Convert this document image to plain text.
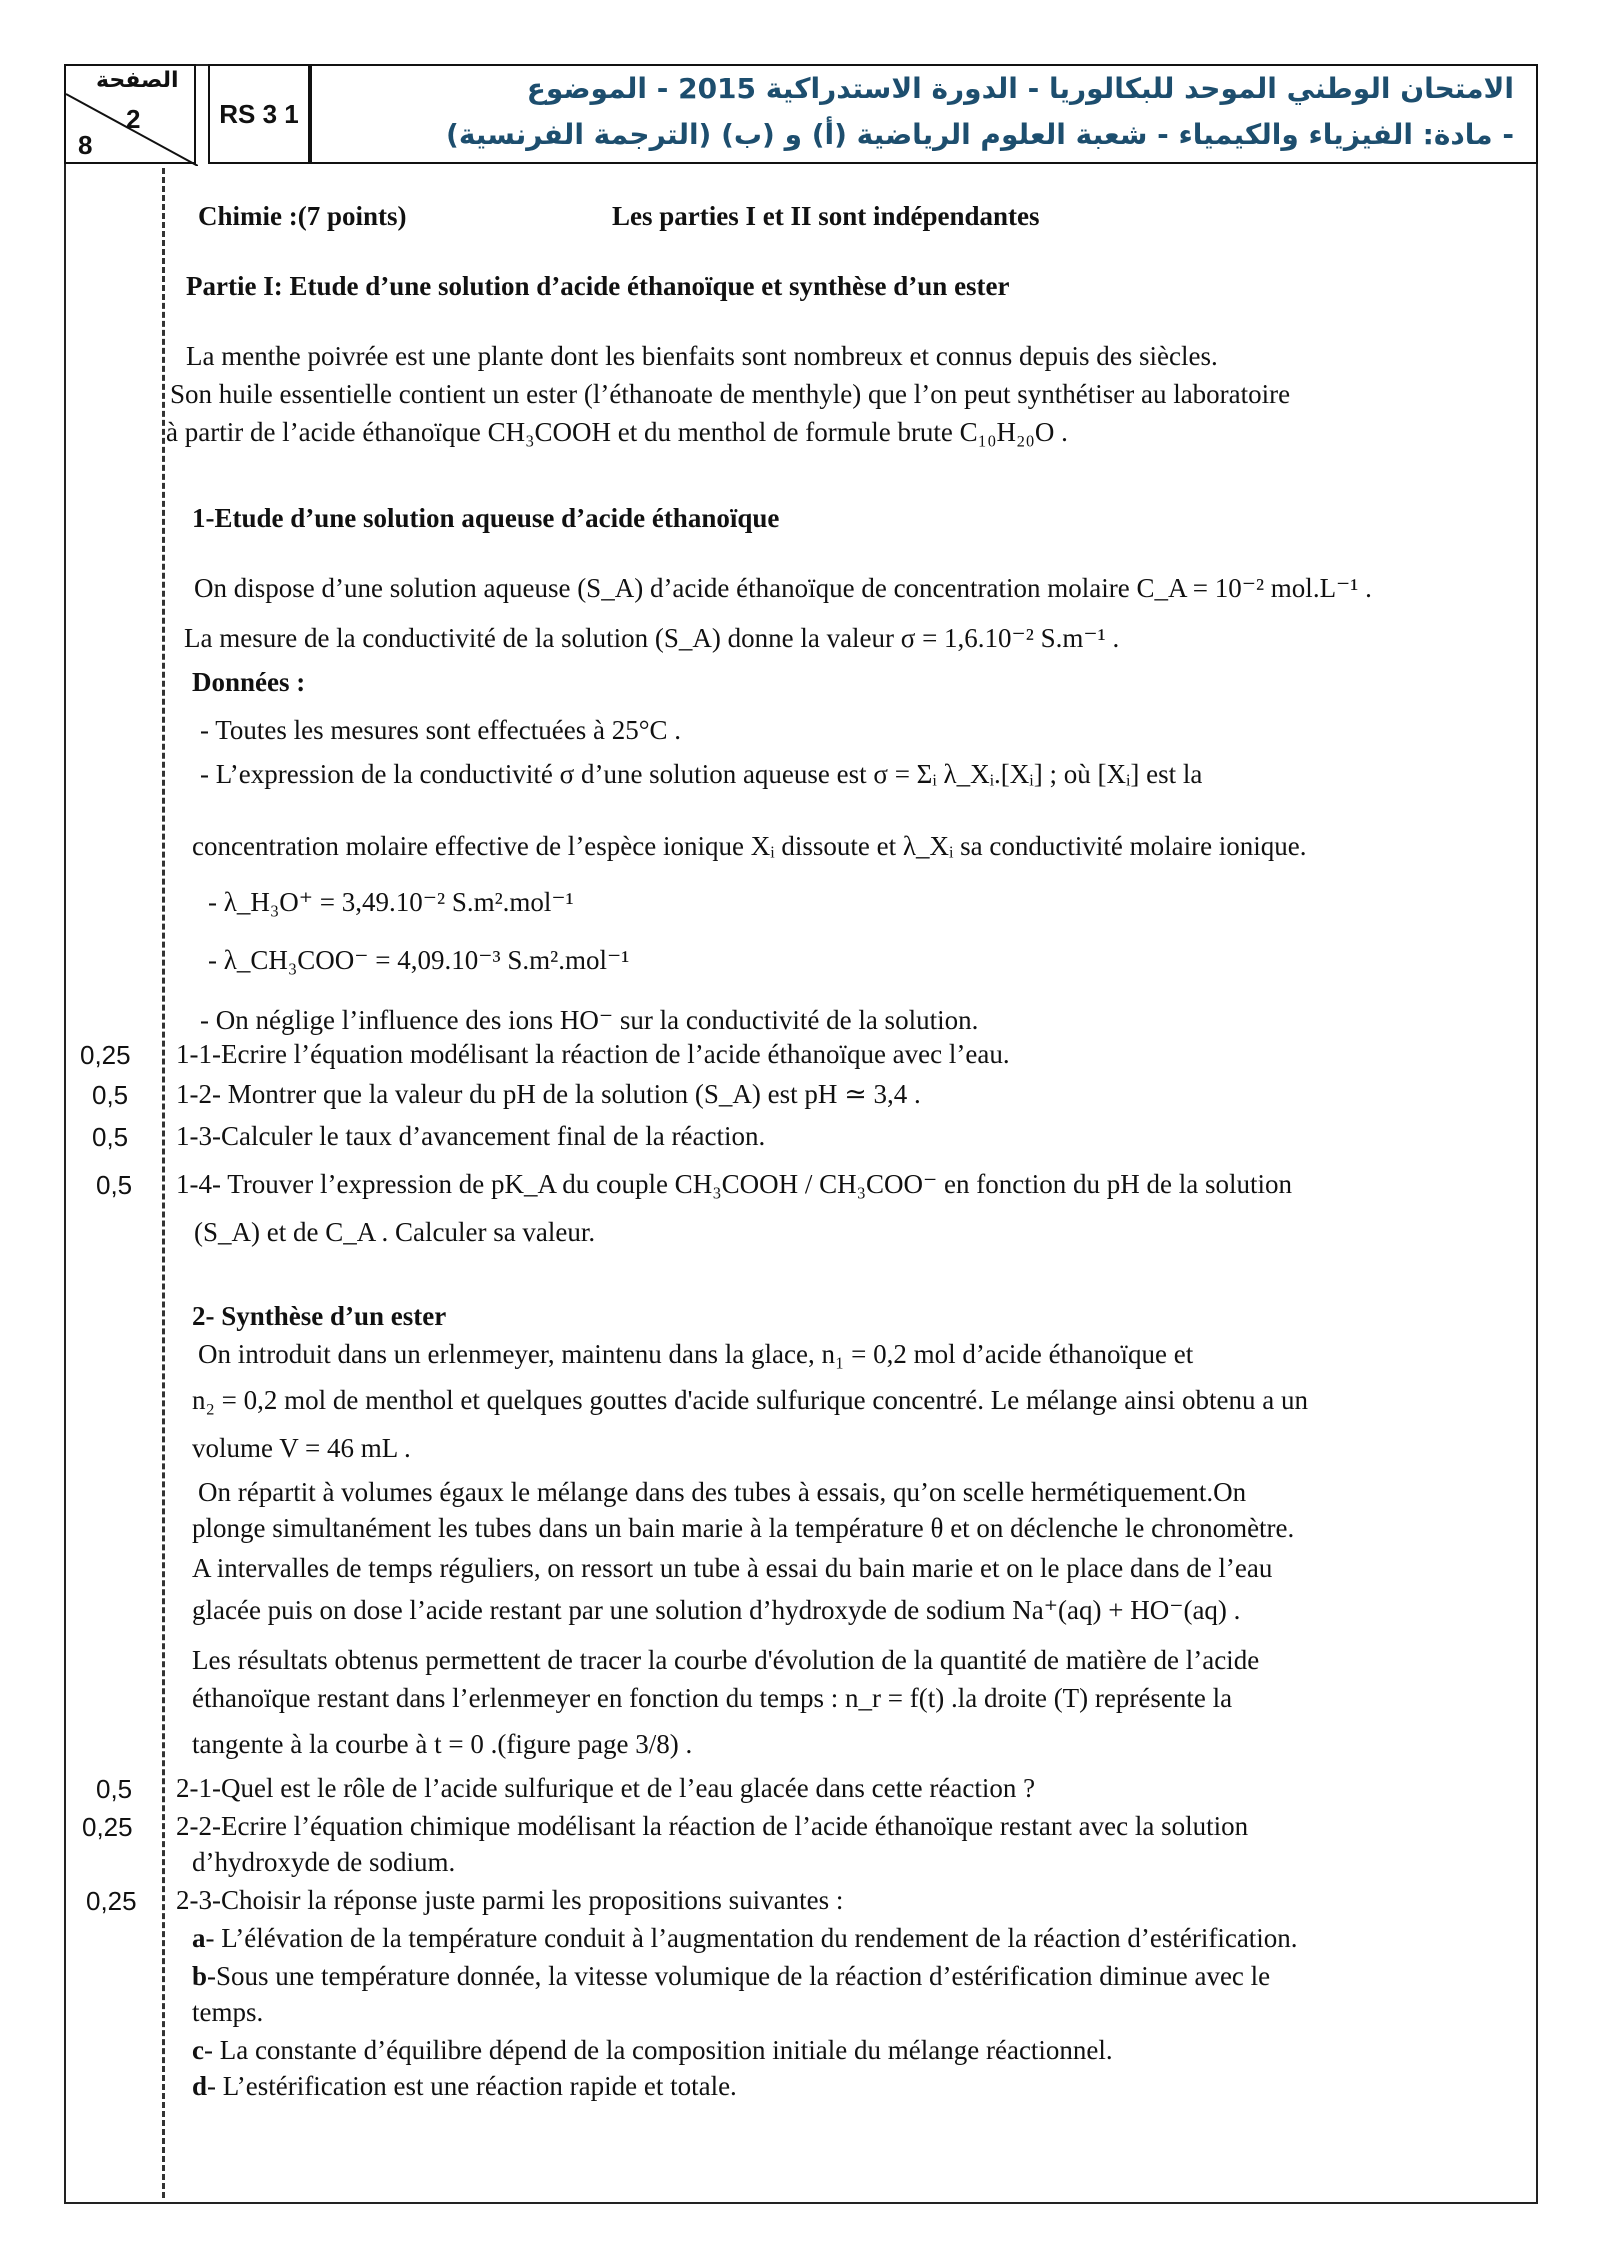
الصفحة
2
8
RS 3 1
الامتحان الوطني الموحد للبكالوريا - الدورة الاستدراكية 2015 - الموضوع
- مادة: الفيزياء والكيمياء - شعبة العلوم الرياضية (أ) و (ب) (الترجمة الفرنسية)
Chimie :(7 points)	Les parties I et II sont indépendantes
Partie I: Etude d’une solution d’acide éthanoïque et synthèse d’un ester
La menthe poivrée est une plante dont les bienfaits sont nombreux et connus depuis des siècles.
Son huile essentielle contient un ester (l’éthanoate de menthyle) que l’on peut synthétiser au laboratoire
à partir de l’acide éthanoïque CH₃COOH et du menthol de formule brute C₁₀H₂₀O .
1-Etude d’une solution aqueuse d’acide éthanoïque
On dispose d’une solution aqueuse (S_A) d’acide éthanoïque de concentration molaire C_A = 10⁻² mol.L⁻¹ .
La mesure de la conductivité de la solution (S_A) donne la valeur σ = 1,6.10⁻² S.m⁻¹ .
Données :
- Toutes les mesures sont effectuées à 25°C .
- L’expression de la conductivité σ d’une solution aqueuse est σ = Σᵢ λ_Xᵢ.[Xᵢ] ; où [Xᵢ] est la
concentration molaire effective de l’espèce ionique Xᵢ dissoute et λ_Xᵢ sa conductivité molaire ionique.
- λ_H₃O⁺ = 3,49.10⁻² S.m².mol⁻¹
- λ_CH₃COO⁻ = 4,09.10⁻³ S.m².mol⁻¹
- On néglige l’influence des ions HO⁻ sur la conductivité de la solution.
0,25 1-1-Ecrire l’équation modélisant la réaction de l’acide éthanoïque avec l’eau.
0,5 1-2- Montrer que la valeur du pH de la solution (S_A) est pH ≃ 3,4 .
0,5 1-3-Calculer le taux d’avancement final de la réaction.
0,5 1-4- Trouver l’expression de pK_A du couple CH₃COOH / CH₃COO⁻ en fonction du pH de la solution
(S_A) et de C_A . Calculer sa valeur.
2- Synthèse d’un ester
On introduit dans un erlenmeyer, maintenu dans la glace, n₁ = 0,2 mol d’acide éthanoïque et
n₂ = 0,2 mol de menthol et quelques gouttes d'acide sulfurique concentré. Le mélange ainsi obtenu a un
volume V = 46 mL .
On répartit à volumes égaux le mélange dans des tubes à essais, qu’on scelle hermétiquement.On
plonge simultanément les tubes dans un bain marie à la température θ et on déclenche le chronomètre.
A intervalles de temps réguliers, on ressort un tube à essai du bain marie et on le place dans de l’eau
glacée puis on dose l’acide restant par une solution d’hydroxyde de sodium Na⁺(aq) + HO⁻(aq) .
Les résultats obtenus permettent de tracer la courbe d'évolution de la quantité de matière de l’acide
éthanoïque restant dans l’erlenmeyer en fonction du temps : n_r = f(t) .la droite (T) représente la
tangente à la courbe à t = 0 .(figure page 3/8) .
0,5 2-1-Quel est le rôle de l’acide sulfurique et de l’eau glacée dans cette réaction ?
0,25 2-2-Ecrire l’équation chimique modélisant la réaction de l’acide éthanoïque restant avec la solution
d’hydroxyde de sodium.
0,25 2-3-Choisir la réponse juste parmi les propositions suivantes :
a- L’élévation de la température conduit à l’augmentation du rendement de la réaction d’estérification.
b-Sous une température donnée, la vitesse volumique de la réaction d’estérification diminue avec le
temps.
c- La constante d’équilibre dépend de la composition initiale du mélange réactionnel.
d- L’estérification est une réaction rapide et totale.
